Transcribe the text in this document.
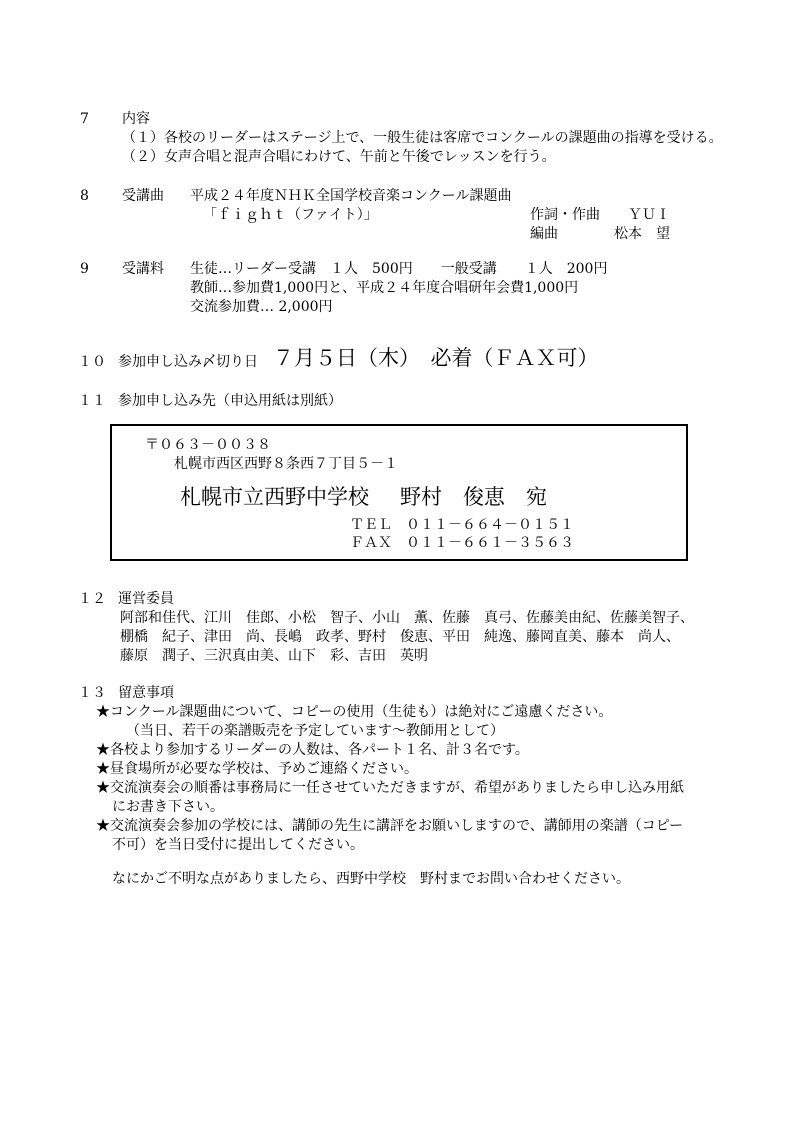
7 内容
（１）各校のリーダーはステージ上で、一般生徒は客席でコンクールの課題曲の指導を受ける。
（２）女声合唱と混声合唱にわけて、午前と午後でレッスンを行う。
8 受講曲 平成２４年度ＮＨＫ全国学校音楽コンクール課題曲
「ｆｉｇｈｔ（ファイト）」	作詞・作曲　　ＹＵＩ
編曲　　　　松本　望
9 受講料 生徒…リーダー受講　１人　500円　　一般受講　　１人　200円
教師…参加費1,000円と、平成２４年度合唱研年会費1,000円
交流参加費… 2,000円
１０ 参加申し込み〆切り日 ７月５日（木）　必着（ＦＡＸ可）
１１ 参加申し込み先（申込用紙は別紙）
〒０６３－００３８
札幌市西区西野８条西７丁目５－１
札幌市立西野中学校 野村　俊恵　宛
ＴＥＬ　０１１－６６４－０１５１
ＦＡＸ　０１１－６６１－３５６３
１２ 運営委員
阿部和佳代、江川　佳郎、小松　智子、小山　薫、佐藤　真弓、佐藤美由紀、佐藤美智子、
棚橋　紀子、津田　尚、長嶋　政孝、野村　俊恵、平田　純逸、藤岡直美、藤本　尚人、
藤原　潤子、三沢真由美、山下　彩、吉田　英明
１３ 留意事項
★コンクール課題曲について、コピーの使用（生徒も）は絶対にご遠慮ください。
（当日、若干の楽譜販売を予定しています～教師用として）
★各校より参加するリーダーの人数は、各パート１名、計３名です。
★昼食場所が必要な学校は、予めご連絡ください。
★交流演奏会の順番は事務局に一任させていただきますが、希望がありましたら申し込み用紙
にお書き下さい。
★交流演奏会参加の学校には、講師の先生に講評をお願いしますので、講師用の楽譜（コピー
不可）を当日受付に提出してください。
なにかご不明な点がありましたら、西野中学校　野村までお問い合わせください。
